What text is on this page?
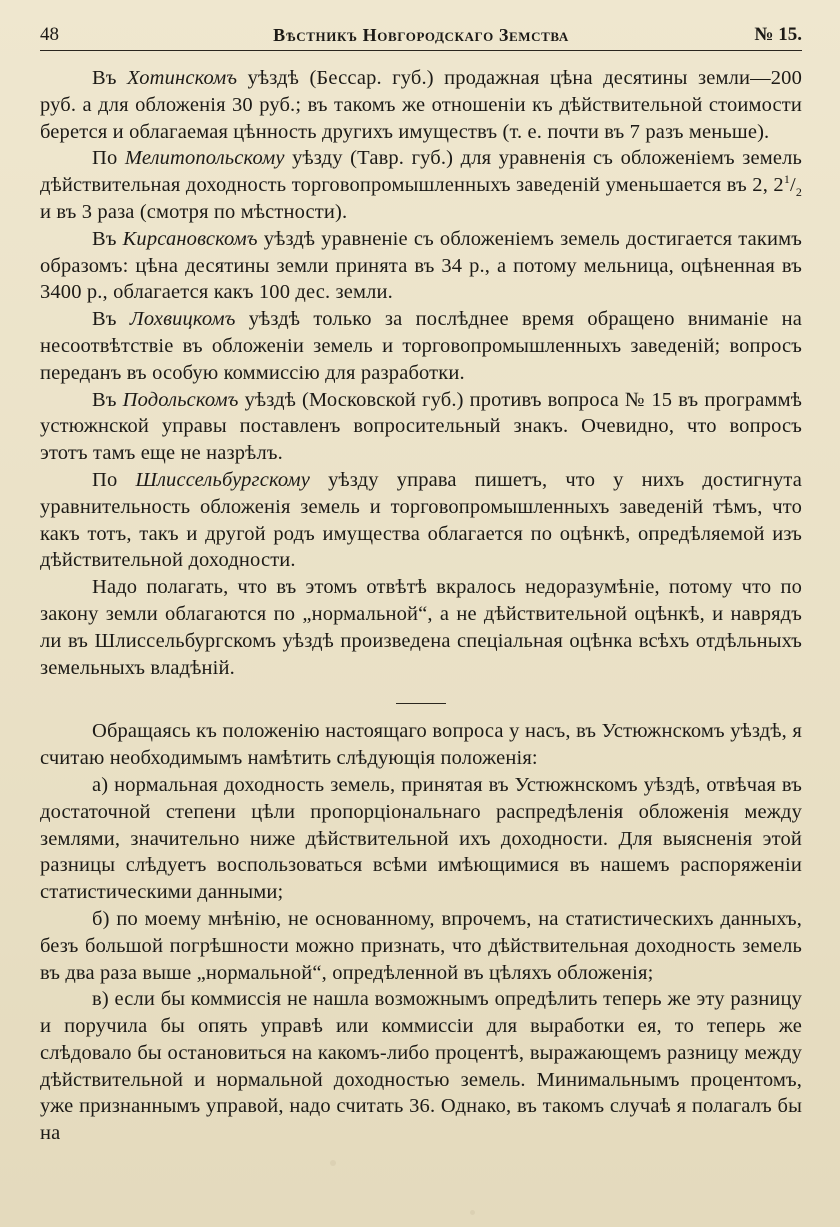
48	Вѣстникъ Новгородскаго Земства	№ 15.

Въ Хотинскомъ уѣздѣ (Бессар. губ.) продажная цѣна десятины земли—200 руб. а для обложенія 30 руб.; въ такомъ же отношеніи къ дѣйствительной стоимости берется и облагаемая цѣнность другихъ имуществъ (т. е. почти въ 7 разъ меньше).

По Мелитопольскому уѣзду (Тавр. губ.) для уравненія съ обложеніемъ земель дѣйствительная доходность торговопромышленныхъ заведеній уменьшается въ 2, $2^1/_2$ и въ 3 раза (смотря по мѣстности).

Въ Кирсановскомъ уѣздѣ уравненіе съ обложеніемъ земель достигается такимъ образомъ: цѣна десятины земли принята въ 34 р., а потому мельница, оцѣненная въ 3400 р., облагается какъ 100 дес. земли.

Въ Лохвицкомъ уѣздѣ только за послѣднее время обращено вниманіе на несоотвѣтствіе въ обложеніи земель и торговопромышленныхъ заведеній; вопросъ переданъ въ особую коммиссію для разработки.

Въ Подольскомъ уѣздѣ (Московской губ.) противъ вопроса № 15 въ программѣ устюжнской управы поставленъ вопросительный знакъ. Очевидно, что вопросъ этотъ тамъ еще не назрѣлъ.

По Шлиссельбургскому уѣзду управа пишетъ, что у нихъ достигнута уравнительность обложенія земель и торговопромышленныхъ заведеній тѣмъ, что какъ тотъ, такъ и другой родъ имущества облагается по оцѣнкѣ, опредѣляемой изъ дѣйствительной доходности.

Надо полагать, что въ этомъ отвѣтѣ вкралось недоразумѣніе, потому что по закону земли облагаются по „нормальной“, а не дѣйствительной оцѣнкѣ, и наврядъ ли въ Шлиссельбургскомъ уѣздѣ произведена спеціальная оцѣнка всѣхъ отдѣльныхъ земельныхъ владѣній.

Обращаясь къ положенію настоящаго вопроса у насъ, въ Устюжнскомъ уѣздѣ, я считаю необходимымъ намѣтить слѣдующія положенія:

а) нормальная доходность земель, принятая въ Устюжнскомъ уѣздѣ, отвѣчая въ достаточной степени цѣли пропорціональнаго распредѣленія обложенія между землями, значительно ниже дѣйствительной ихъ доходности. Для выясненія этой разницы слѣдуетъ воспользоваться всѣми имѣющимися въ нашемъ распоряженіи статистическими данными;

б) по моему мнѣнію, не основанному, впрочемъ, на статистическихъ данныхъ, безъ большой погрѣшности можно признать, что дѣйствительная доходность земель въ два раза выше „нормальной“, опредѣленной въ цѣляхъ обложенія;

в) если бы коммиссія не нашла возможнымъ опредѣлить теперь же эту разницу и поручила бы опять управѣ или коммиссіи для выработки ея, то теперь же слѣдовало бы остановиться на какомъ-либо процентѣ, выражающемъ разницу между дѣйствительной и нормальной доходностью земель. Минимальнымъ процентомъ, уже признаннымъ управой, надо считать 36. Однако, въ такомъ случаѣ я полагалъ бы на
